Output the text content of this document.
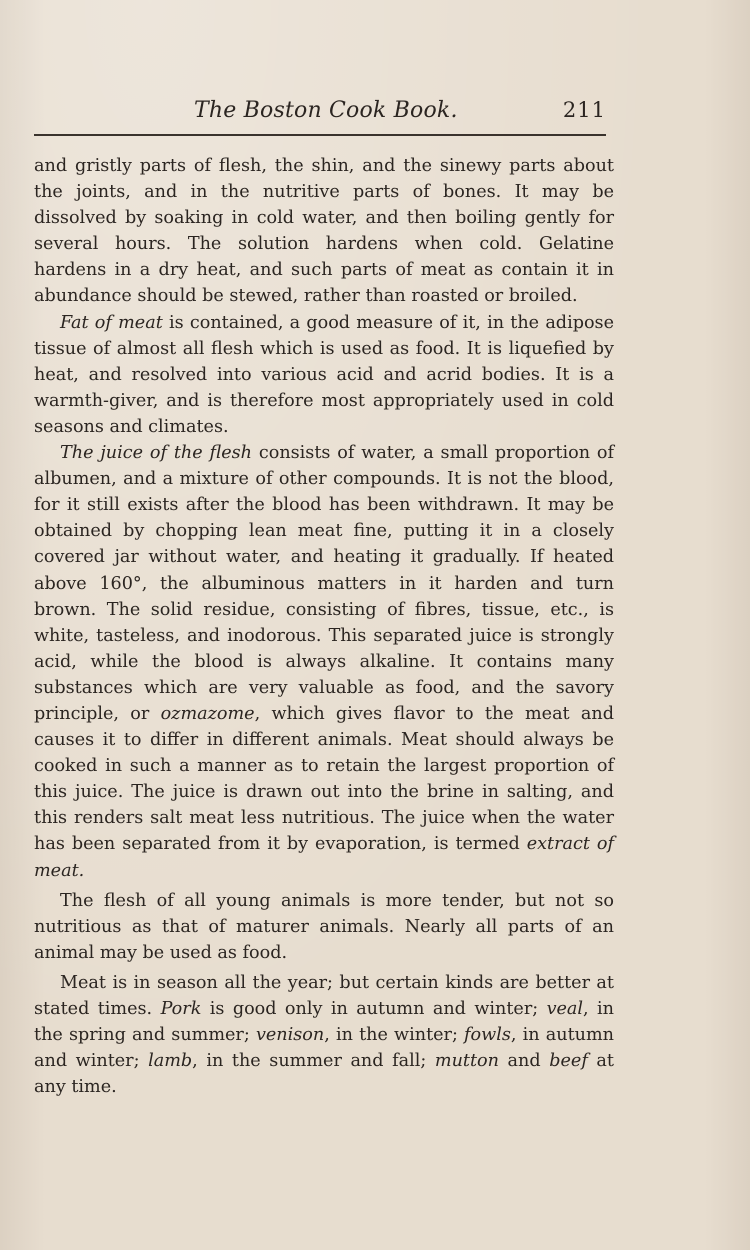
The Boston Cook Book.	211

and gristly parts of flesh, the shin, and the sinewy parts about the joints, and in the nutritive parts of bones. It may be dissolved by soaking in cold water, and then boiling gently for several hours. The solution hardens when cold. Gelatine hardens in a dry heat, and such parts of meat as contain it in abundance should be stewed, rather than roasted or broiled.

Fat of meat is contained, a good measure of it, in the adipose tissue of almost all flesh which is used as food. It is liquefied by heat, and resolved into various acid and acrid bodies. It is a warmth-giver, and is therefore most appropriately used in cold seasons and climates.

The juice of the flesh consists of water, a small proportion of albumen, and a mixture of other compounds. It is not the blood, for it still exists after the blood has been withdrawn. It may be obtained by chopping lean meat fine, putting it in a closely covered jar without water, and heating it gradually. If heated above 160°, the albuminous matters in it harden and turn brown. The solid residue, consisting of fibres, tissue, etc., is white, tasteless, and inodorous. This separated juice is strongly acid, while the blood is always alkaline. It contains many substances which are very valuable as food, and the savory principle, or ozmazome, which gives flavor to the meat and causes it to differ in different animals. Meat should always be cooked in such a manner as to retain the largest proportion of this juice. The juice is drawn out into the brine in salting, and this renders salt meat less nutritious. The juice when the water has been separated from it by evaporation, is termed extract of meat.

The flesh of all young animals is more tender, but not so nutritious as that of maturer animals. Nearly all parts of an animal may be used as food.

Meat is in season all the year; but certain kinds are better at stated times. Pork is good only in autumn and winter; veal, in the spring and summer; venison, in the winter; fowls, in autumn and winter; lamb, in the summer and fall; mutton and beef at any time.
